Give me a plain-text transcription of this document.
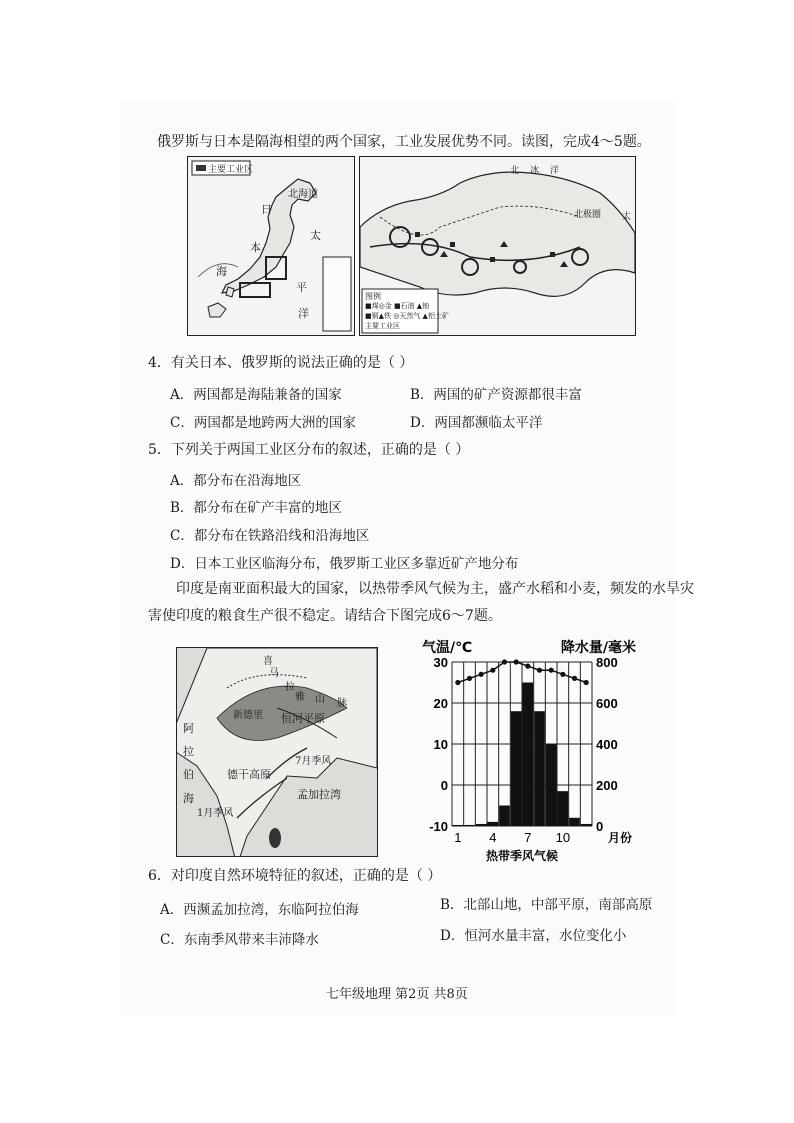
俄罗斯与日本是隔海相望的两个国家，工业发展优势不同。读图，完成4～5题。
主要工业区
北海道
日
本
太
海
平
洋
北 冰 洋
北极圈 太
图例
■煤◎金 ■石油 ▲铀
■铜▲铁 ◎天然气 ▲铝土矿
主要工业区
4．有关日本、俄罗斯的说法正确的是（ ）
A．两国都是海陆兼备的国家	B．两国的矿产资源都很丰富
C．两国都是地跨两大洲的国家	D．两国都濒临太平洋
5．下列关于两国工业区分布的叙述，正确的是（ ）
A．都分布在沿海地区
B．都分布在矿产丰富的地区
C．都分布在铁路沿线和沿海地区
D．日本工业区临海分布，俄罗斯工业区多靠近矿产地分布
印度是南亚面积最大的国家，以热带季风气候为主，盛产水稻和小麦，频发的水旱灾
害使印度的粮食生产很不稳定。请结合下图完成6～7题。
喜
马
拉
雅 山 脉
新德里 恒河平原
阿
拉
伯
海
德干高原
7月季风
1月季风
孟加拉湾
30
20
10
0
-10
800
600
400
200
0
1 4 7 10
气温/℃	降水量/毫米
月份
热带季风气候
6．对印度自然环境特征的叙述，正确的是（ ）
A．西濒孟加拉湾，东临阿拉伯海	B．北部山地，中部平原，南部高原
C．东南季风带来丰沛降水	D．恒河水量丰富，水位变化小
七年级地理 第2页 共8页
